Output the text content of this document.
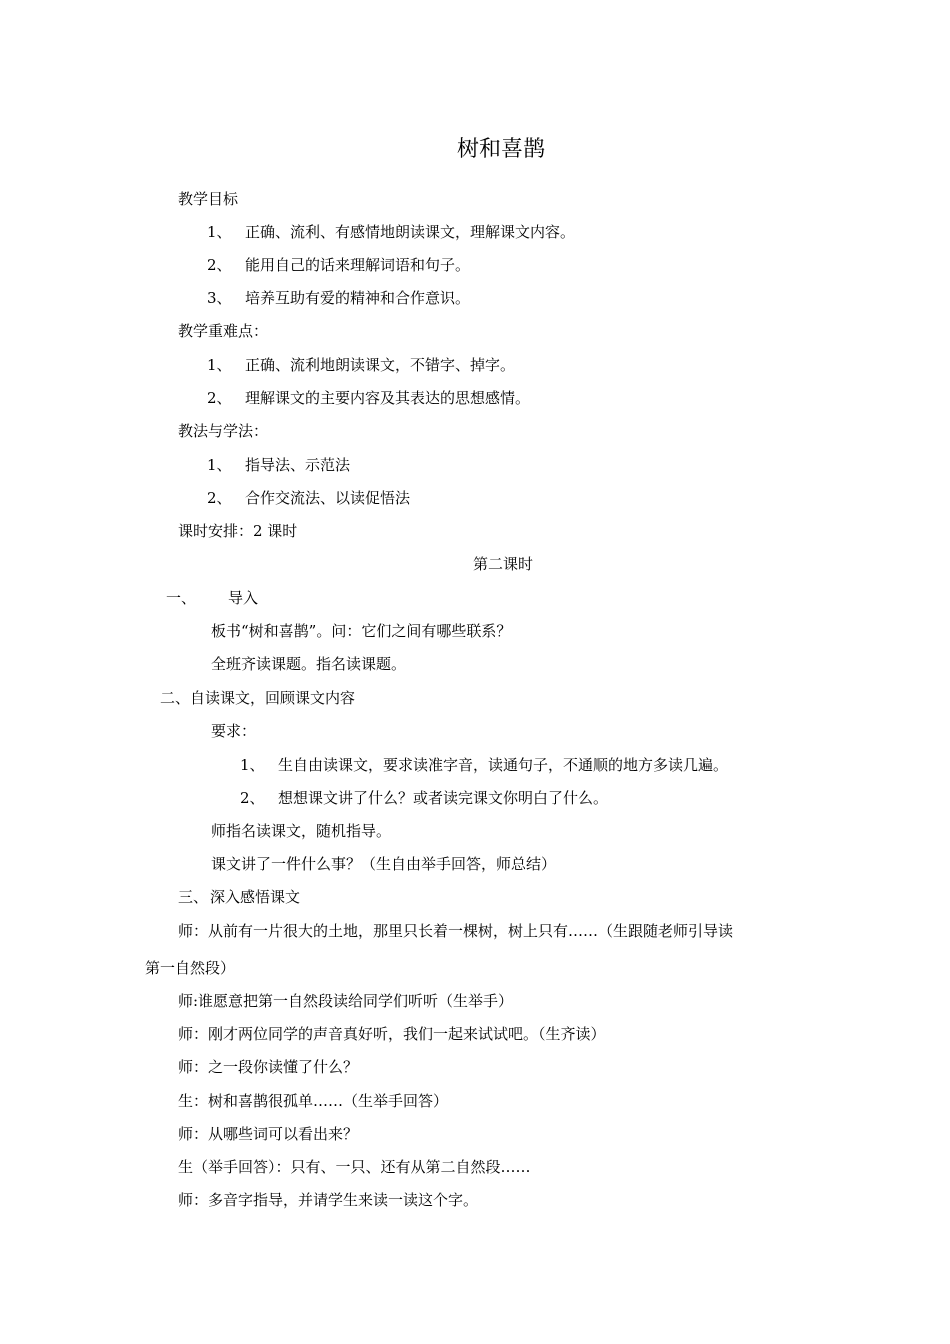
树和喜鹊
教学目标
1、 正确、流利、有感情地朗读课文，理解课文内容。
2、 能用自己的话来理解词语和句子。
3、 培养互助有爱的精神和合作意识。
教学重难点：
1、 正确、流利地朗读课文，不错字、掉字。
2、 理解课文的主要内容及其表达的思想感情。
教法与学法：
1、 指导法、示范法
2、 合作交流法、以读促悟法
课时安排：2 课时
第二课时
一、 导入
板书“树和喜鹊”。问：它们之间有哪些联系？
全班齐读课题。指名读课题。
二、自读课文，回顾课文内容
要求：
1、 生自由读课文，要求读准字音，读通句子，不通顺的地方多读几遍。
2、 想想课文讲了什么？或者读完课文你明白了什么。
师指名读课文，随机指导。
课文讲了一件什么事？（生自由举手回答，师总结）
三、 深入感悟课文
师：从前有一片很大的土地，那里只长着一棵树，树上只有……（生跟随老师引导读
第一自然段）
师:谁愿意把第一自然段读给同学们听听（生举手）
师：刚才两位同学的声音真好听，我们一起来试试吧。（生齐读）
师：之一段你读懂了什么？
生：树和喜鹊很孤单……（生举手回答）
师：从哪些词可以看出来？
生（举手回答）：只有、一只、还有从第二自然段……
师：多音字指导，并请学生来读一读这个字。
